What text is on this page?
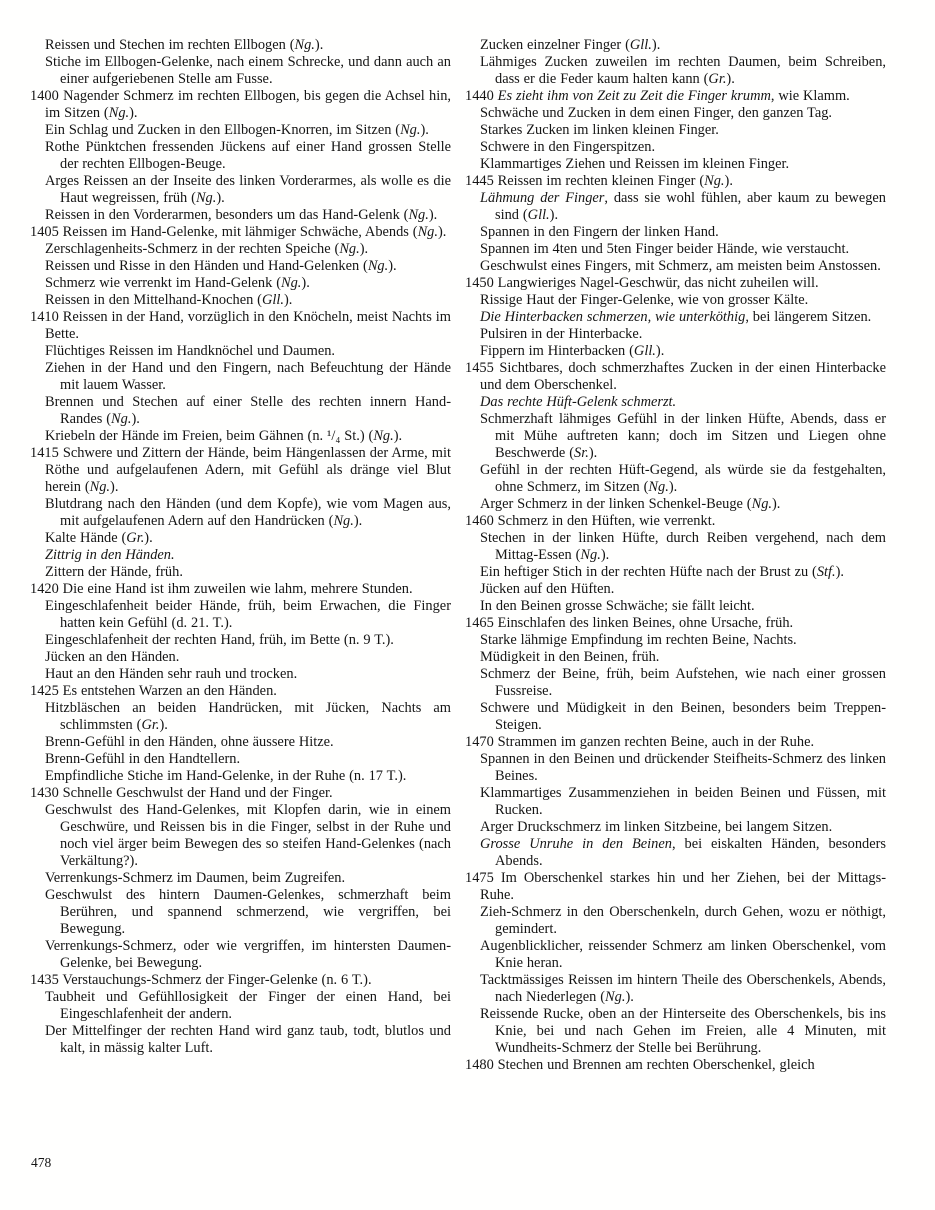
Reissen und Stechen im rechten Ellbogen (Ng.).

Stiche im Ellbogen-Gelenke, nach einem Schrecke, und dann auch an einer aufgeriebenen Stelle am Fusse.

1400 Nagender Schmerz im rechten Ellbogen, bis gegen die Achsel hin, im Sitzen (Ng.).

Ein Schlag und Zucken in den Ellbogen-Knorren, im Sitzen (Ng.).

Rothe Pünktchen fressenden Jückens auf einer Hand grossen Stelle der rechten Ellbogen-Beuge.

Arges Reissen an der Inseite des linken Vorderarmes, als wolle es die Haut wegreissen, früh (Ng.).

Reissen in den Vorderarmen, besonders um das Hand-Gelenk (Ng.).

1405 Reissen im Hand-Gelenke, mit lähmiger Schwäche, Abends (Ng.).

Zerschlagenheits-Schmerz in der rechten Speiche (Ng.).

Reissen und Risse in den Händen und Hand-Gelenken (Ng.).

Schmerz wie verrenkt im Hand-Gelenk (Ng.).

Reissen in den Mittelhand-Knochen (Gll.).

1410 Reissen in der Hand, vorzüglich in den Knöcheln, meist Nachts im Bette.

Flüchtiges Reissen im Handknöchel und Daumen.

Ziehen in der Hand und den Fingern, nach Befeuchtung der Hände mit lauem Wasser.

Brennen und Stechen auf einer Stelle des rechten innern Hand-Randes (Ng.).

Kriebeln der Hände im Freien, beim Gähnen (n. ¹/₄ St.) (Ng.).

1415 Schwere und Zittern der Hände, beim Hängenlassen der Arme, mit Röthe und aufgelaufenen Adern, mit Gefühl als dränge viel Blut herein (Ng.).

Blutdrang nach den Händen (und dem Kopfe), wie vom Magen aus, mit aufgelaufenen Adern auf den Handrücken (Ng.).

Kalte Hände (Gr.).

Zittrig in den Händen.

Zittern der Hände, früh.

1420 Die eine Hand ist ihm zuweilen wie lahm, mehrere Stunden.

Eingeschlafenheit beider Hände, früh, beim Erwachen, die Finger hatten kein Gefühl (d. 21. T.).

Eingeschlafenheit der rechten Hand, früh, im Bette (n. 9 T.).

Jücken an den Händen.

Haut an den Händen sehr rauh und trocken.

1425 Es entstehen Warzen an den Händen.

Hitzbläschen an beiden Handrücken, mit Jücken, Nachts am schlimmsten (Gr.).

Brenn-Gefühl in den Händen, ohne äussere Hitze.

Brenn-Gefühl in den Handtellern.

Empfindliche Stiche im Hand-Gelenke, in der Ruhe (n. 17 T.).

1430 Schnelle Geschwulst der Hand und der Finger.

Geschwulst des Hand-Gelenkes, mit Klopfen darin, wie in einem Geschwüre, und Reissen bis in die Finger, selbst in der Ruhe und noch viel ärger beim Bewegen des so steifen Hand-Gelenkes (nach Verkältung?).

Verrenkungs-Schmerz im Daumen, beim Zugreifen.

Geschwulst des hintern Daumen-Gelenkes, schmerzhaft beim Berühren, und spannend schmerzend, wie vergriffen, bei Bewegung.

Verrenkungs-Schmerz, oder wie vergriffen, im hintersten Daumen-Gelenke, bei Bewegung.

1435 Verstauchungs-Schmerz der Finger-Gelenke (n. 6 T.).

Taubheit und Gefühllosigkeit der Finger der einen Hand, bei Eingeschlafenheit der andern.

Der Mittelfinger der rechten Hand wird ganz taub, todt, blutlos und kalt, in mässig kalter Luft.

Zucken einzelner Finger (Gll.).

Lähmiges Zucken zuweilen im rechten Daumen, beim Schreiben, dass er die Feder kaum halten kann (Gr.).

1440 Es zieht ihm von Zeit zu Zeit die Finger krumm, wie Klamm.

Schwäche und Zucken in dem einen Finger, den ganzen Tag.

Starkes Zucken im linken kleinen Finger.

Schwere in den Fingerspitzen.

Klammartiges Ziehen und Reissen im kleinen Finger.

1445 Reissen im rechten kleinen Finger (Ng.).

Lähmung der Finger, dass sie wohl fühlen, aber kaum zu bewegen sind (Gll.).

Spannen in den Fingern der linken Hand.

Spannen im 4ten und 5ten Finger beider Hände, wie verstaucht.

Geschwulst eines Fingers, mit Schmerz, am meisten beim Anstossen.

1450 Langwieriges Nagel-Geschwür, das nicht zuheilen will.

Rissige Haut der Finger-Gelenke, wie von grosser Kälte.

Die Hinterbacken schmerzen, wie unterköthig, bei längerem Sitzen.

Pulsiren in der Hinterbacke.

Fippern im Hinterbacken (Gll.).

1455 Sichtbares, doch schmerzhaftes Zucken in der einen Hinterbacke und dem Oberschenkel.

Das rechte Hüft-Gelenk schmerzt.

Schmerzhaft lähmiges Gefühl in der linken Hüfte, Abends, dass er mit Mühe auftreten kann; doch im Sitzen und Liegen ohne Beschwerde (Sr.).

Gefühl in der rechten Hüft-Gegend, als würde sie da festgehalten, ohne Schmerz, im Sitzen (Ng.).

Arger Schmerz in der linken Schenkel-Beuge (Ng.).

1460 Schmerz in den Hüften, wie verrenkt.

Stechen in der linken Hüfte, durch Reiben vergehend, nach dem Mittag-Essen (Ng.).

Ein heftiger Stich in der rechten Hüfte nach der Brust zu (Stf.).

Jücken auf den Hüften.

In den Beinen grosse Schwäche; sie fällt leicht.

1465 Einschlafen des linken Beines, ohne Ursache, früh.

Starke lähmige Empfindung im rechten Beine, Nachts.

Müdigkeit in den Beinen, früh.

Schmerz der Beine, früh, beim Aufstehen, wie nach einer grossen Fussreise.

Schwere und Müdigkeit in den Beinen, besonders beim Treppen-Steigen.

1470 Strammen im ganzen rechten Beine, auch in der Ruhe.

Spannen in den Beinen und drückender Steifheits-Schmerz des linken Beines.

Klammartiges Zusammenziehen in beiden Beinen und Füssen, mit Rucken.

Arger Druckschmerz im linken Sitzbeine, bei langem Sitzen.

Grosse Unruhe in den Beinen, bei eiskalten Händen, besonders Abends.

1475 Im Oberschenkel starkes hin und her Ziehen, bei der Mittags-Ruhe.

Zieh-Schmerz in den Oberschenkeln, durch Gehen, wozu er nöthigt, gemindert.

Augenblicklicher, reissender Schmerz am linken Oberschenkel, vom Knie heran.

Tacktmässiges Reissen im hintern Theile des Oberschenkels, Abends, nach Niederlegen (Ng.).

Reissende Rucke, oben an der Hinterseite des Oberschenkels, bis ins Knie, bei und nach Gehen im Freien, alle 4 Minuten, mit Wundheits-Schmerz der Stelle bei Berührung.

1480 Stechen und Brennen am rechten Oberschenkel, gleich

478
